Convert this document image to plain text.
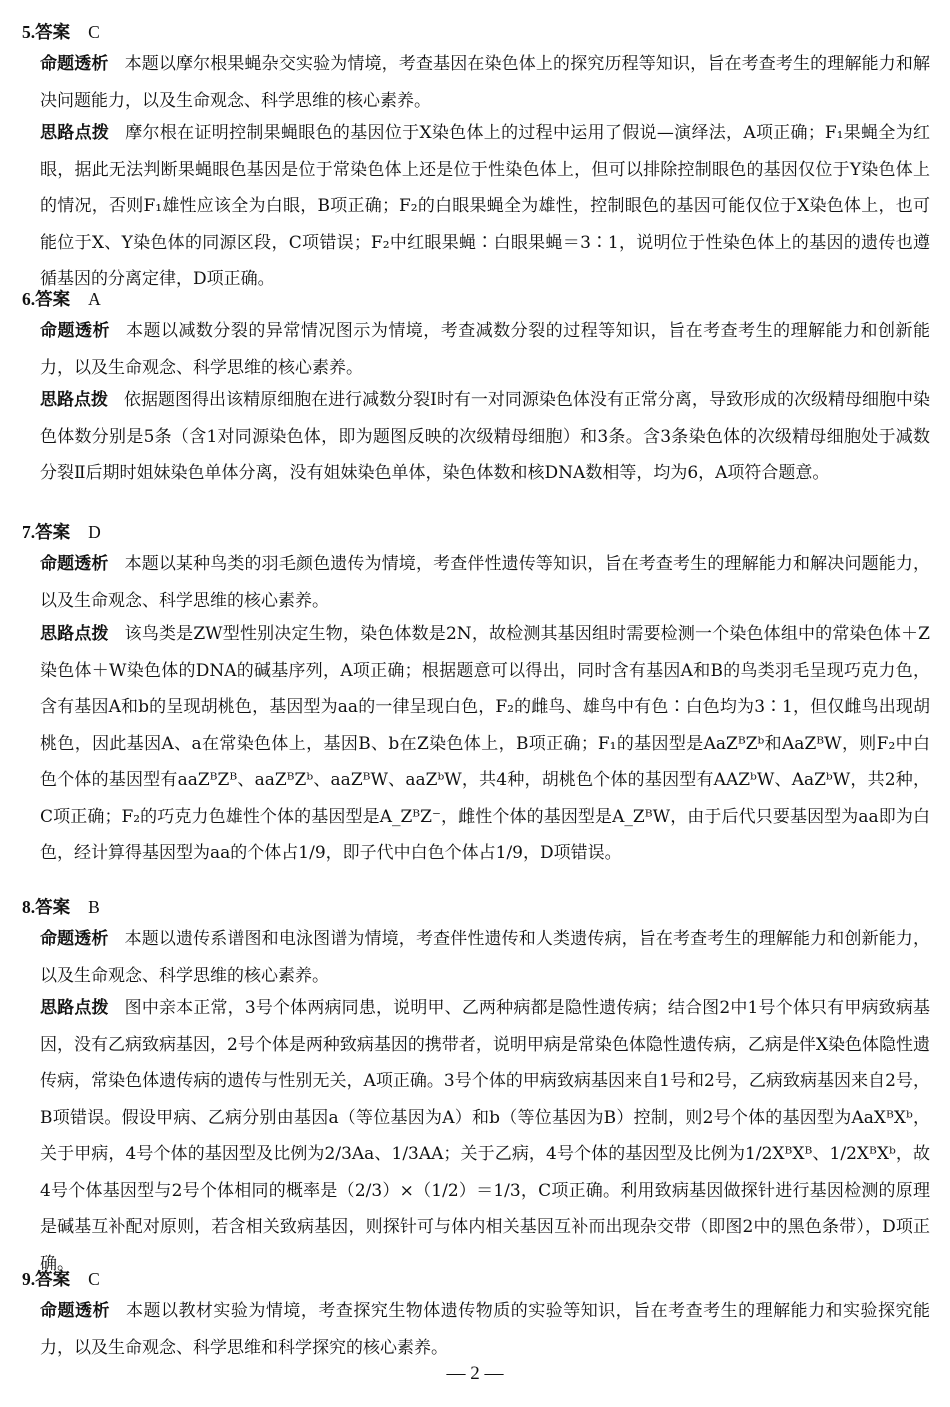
5.答案 C
命题透析 本题以摩尔根果蝇杂交实验为情境，考查基因在染色体上的探究历程等知识，旨在考查考生的理解能力和解决问题能力，以及生命观念、科学思维的核心素养。
思路点拨 摩尔根在证明控制果蝇眼色的基因位于X染色体上的过程中运用了假说—演绎法，A项正确；F₁果蝇全为红眼，据此无法判断果蝇眼色基因是位于常染色体上还是位于性染色体上，但可以排除控制眼色的基因仅位于Y染色体上的情况，否则F₁雄性应该全为白眼，B项正确；F₂的白眼果蝇全为雄性，控制眼色的基因可能仅位于X染色体上，也可能位于X、Y染色体的同源区段，C项错误；F₂中红眼果蝇∶白眼果蝇＝3∶1，说明位于性染色体上的基因的遗传也遵循基因的分离定律，D项正确。
6.答案 A
命题透析 本题以减数分裂的异常情况图示为情境，考查减数分裂的过程等知识，旨在考查考生的理解能力和创新能力，以及生命观念、科学思维的核心素养。
思路点拨 依据题图得出该精原细胞在进行减数分裂Ⅰ时有一对同源染色体没有正常分离，导致形成的次级精母细胞中染色体数分别是5条（含1对同源染色体，即为题图反映的次级精母细胞）和3条。含3条染色体的次级精母细胞处于减数分裂Ⅱ后期时姐妹染色单体分离，没有姐妹染色单体，染色体数和核DNA数相等，均为6，A项符合题意。
7.答案 D
命题透析 本题以某种鸟类的羽毛颜色遗传为情境，考查伴性遗传等知识，旨在考查考生的理解能力和解决问题能力，以及生命观念、科学思维的核心素养。
思路点拨 该鸟类是ZW型性别决定生物，染色体数是2N，故检测其基因组时需要检测一个染色体组中的常染色体＋Z染色体＋W染色体的DNA的碱基序列，A项正确；根据题意可以得出，同时含有基因A和B的鸟类羽毛呈现巧克力色，含有基因A和b的呈现胡桃色，基因型为aa的一律呈现白色，F₂的雌鸟、雄鸟中有色∶白色均为3∶1，但仅雌鸟出现胡桃色，因此基因A、a在常染色体上，基因B、b在Z染色体上，B项正确；F₁的基因型是AaZᴮZᵇ和AaZᴮW，则F₂中白色个体的基因型有aaZᴮZᴮ、aaZᴮZᵇ、aaZᴮW、aaZᵇW，共4种，胡桃色个体的基因型有AAZᵇW、AaZᵇW，共2种，C项正确；F₂的巧克力色雄性个体的基因型是A_ZᴮZ⁻，雌性个体的基因型是A_ZᴮW，由于后代只要基因型为aa即为白色，经计算得基因型为aa的个体占1/9，即子代中白色个体占1/9，D项错误。
8.答案 B
命题透析 本题以遗传系谱图和电泳图谱为情境，考查伴性遗传和人类遗传病，旨在考查考生的理解能力和创新能力，以及生命观念、科学思维的核心素养。
思路点拨 图中亲本正常，3号个体两病同患，说明甲、乙两种病都是隐性遗传病；结合图2中1号个体只有甲病致病基因，没有乙病致病基因，2号个体是两种致病基因的携带者，说明甲病是常染色体隐性遗传病，乙病是伴X染色体隐性遗传病，常染色体遗传病的遗传与性别无关，A项正确。3号个体的甲病致病基因来自1号和2号，乙病致病基因来自2号，B项错误。假设甲病、乙病分别由基因a（等位基因为A）和b（等位基因为B）控制，则2号个体的基因型为AaXᴮXᵇ，关于甲病，4号个体的基因型及比例为2/3Aa、1/3AA；关于乙病，4号个体的基因型及比例为1/2XᴮXᴮ、1/2XᴮXᵇ，故4号个体基因型与2号个体相同的概率是（2/3）×（1/2）＝1/3，C项正确。利用致病基因做探针进行基因检测的原理是碱基互补配对原则，若含相关致病基因，则探针可与体内相关基因互补而出现杂交带（即图2中的黑色条带），D项正确。
9.答案 C
命题透析 本题以教材实验为情境，考查探究生物体遗传物质的实验等知识，旨在考查考生的理解能力和实验探究能力，以及生命观念、科学思维和科学探究的核心素养。
— 2 —
